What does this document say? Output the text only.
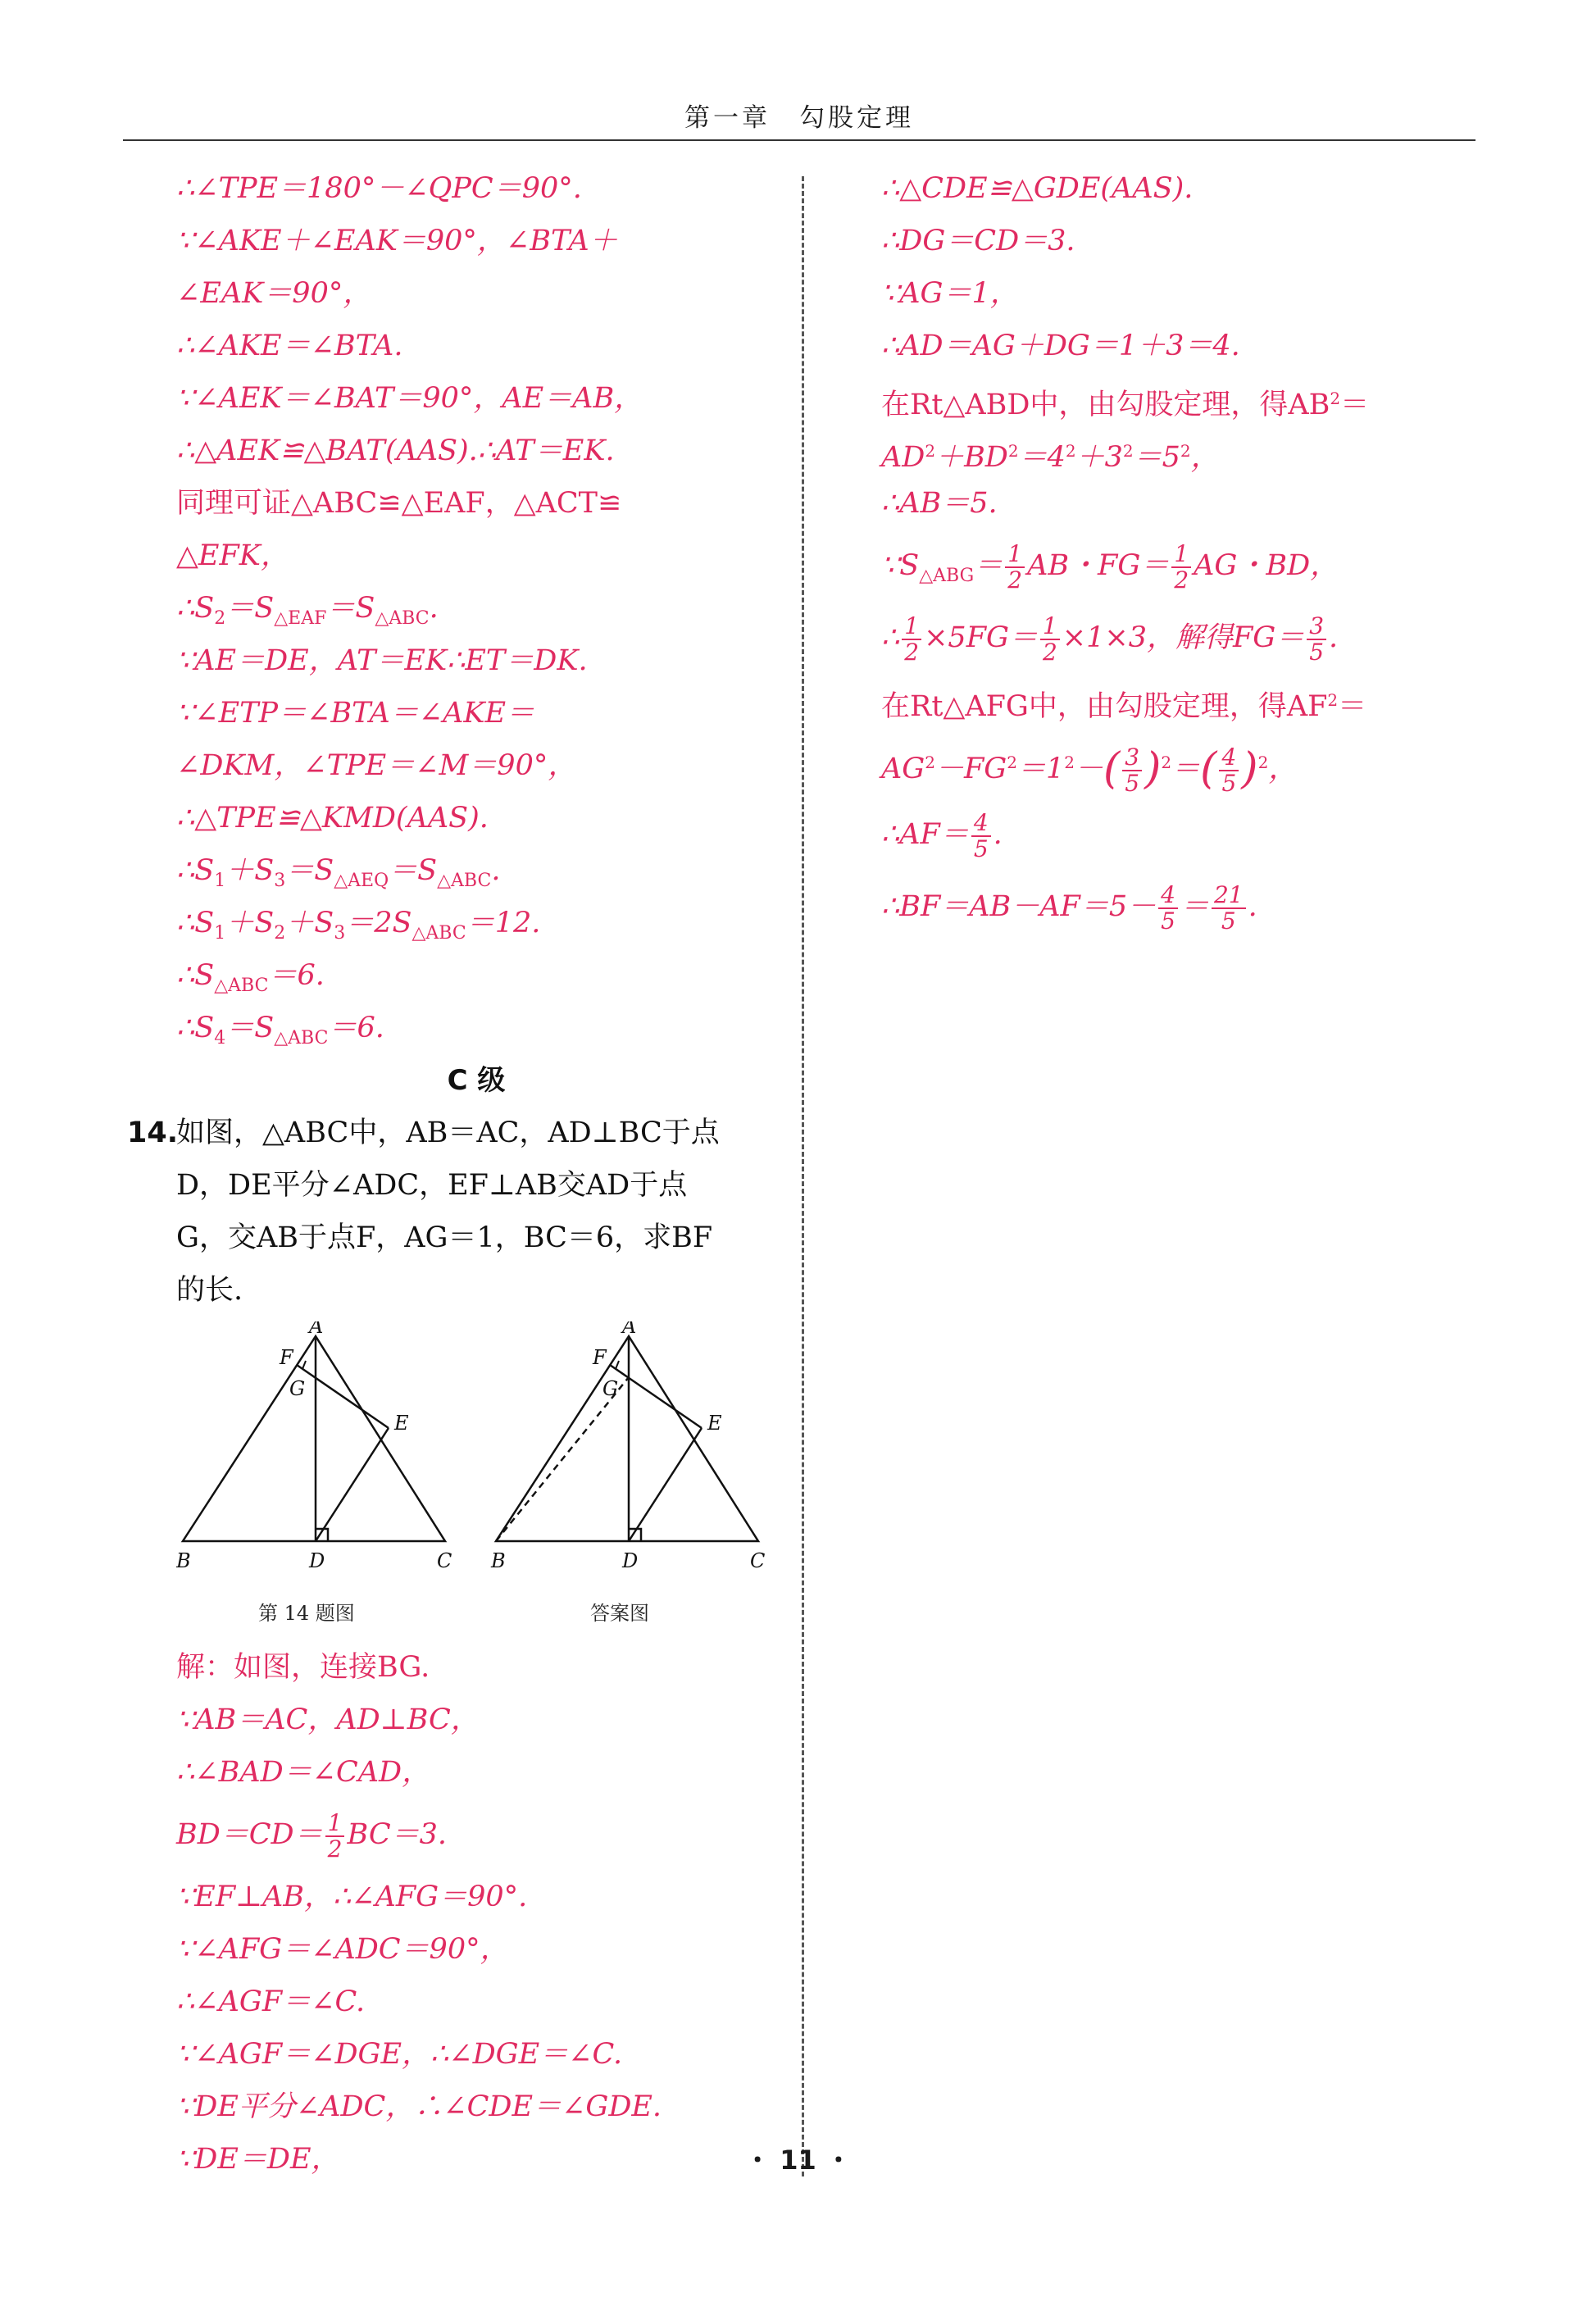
第一章　勾股定理
∴∠TPE＝180°－∠QPC＝90°.
∵∠AKE＋∠EAK＝90°，∠BTA＋
∠EAK＝90°，
∴∠AKE＝∠BTA.
∵∠AEK＝∠BAT＝90°，AE＝AB，
∴△AEK≌△BAT(AAS).∴AT＝EK.
同理可证△ABC≌△EAF，△ACT≌
△EFK，
$\therefore S_2=S_{\triangle EAF}=S_{\triangle ABC}$.
∵AE＝DE，AT＝EK∴ET＝DK.
∵∠ETP＝∠BTA＝∠AKE＝
∠DKM，∠TPE＝∠M＝90°，
∴△TPE≌△KMD(AAS).
$\therefore S_1+S_3=S_{\triangle AEQ}=S_{\triangle ABC}$.
$\therefore S_1+S_2+S_3=2S_{\triangle ABC}=12$.
$\therefore S_{\triangle ABC}=6$.
$\therefore S_4=S_{\triangle ABC}=6$.
C 级
14.
如图，△ABC中，AB＝AC，AD⊥BC于点
D，DE平分∠ADC，EF⊥AB交AD于点
G，交AB于点F，AG＝1，BC＝6，求BF
的长.
A
B	C
D
E
F
G
A
B	C
D
E
F
G
第 14 题图	答案图
解：如图，连接BG.
∵AB＝AC，AD⊥BC，
∴∠BAD＝∠CAD，
$BD=CD= \frac{1}{2} BC=3$.
∵EF⊥AB，∴∠AFG＝90°.
∵∠AFG＝∠ADC＝90°，
∴∠AGF＝∠C.
∵∠AGF＝∠DGE，∴∠DGE＝∠C.
∵DE平分∠ADC，∴∠CDE＝∠GDE.
∵DE＝DE，
∴△CDE≌△GDE(AAS).
∴DG＝CD＝3.
∵AG＝1，
∴AD＝AG＋DG＝1＋3＝4.
在Rt△ABD中，由勾股定理，得$AB^2=$
$AD^2+BD^2=4^2+3^2=5^2$，
∴AB＝5.
$\because S_{\triangle ABG}= \frac{1}{2}$ AB・$FG= \frac{1}{2}$ AG・BD，
∴ $\frac{1}{2} \times 5FG= \frac{1}{2} \times 1\times 3$，解得$FG= \frac{3}{5}$ .
在Rt△AFG中，由勾股定理，得$AF^2=$
$AG^2-FG^2=1^2-( \frac{3}{5} )^2=( \frac{4}{5} )^2$，
∴AF＝ $\frac{4}{5}$ .
∴BF＝AB－AF＝5－ $\frac{4}{5} = \frac{21}{5}$ .
・ 11 ・
